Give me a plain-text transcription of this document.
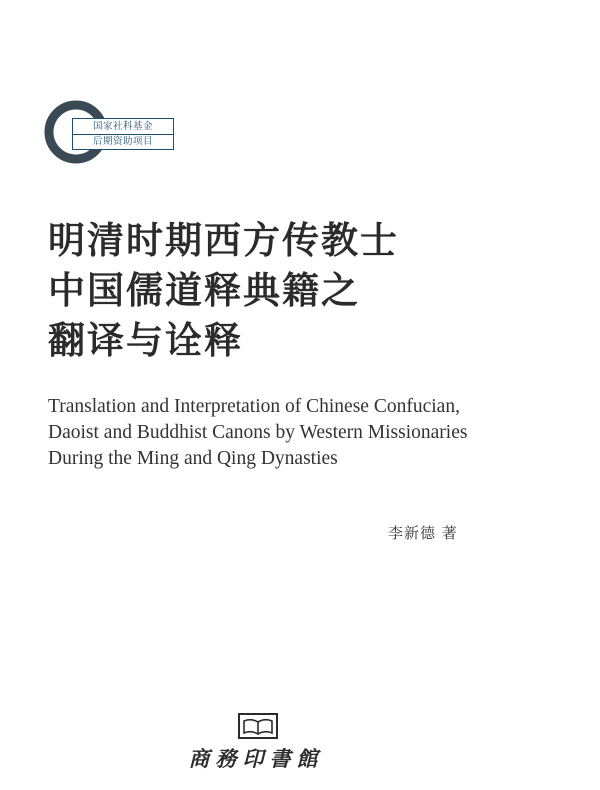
国家社科基金
后期资助项目
明清时期西方传教士
中国儒道释典籍之
翻译与诠释
Translation and Interpretation of Chinese Confucian,
Daoist and Buddhist Canons by Western Missionaries
During the Ming and Qing Dynasties
李新德 著
商務印書館
